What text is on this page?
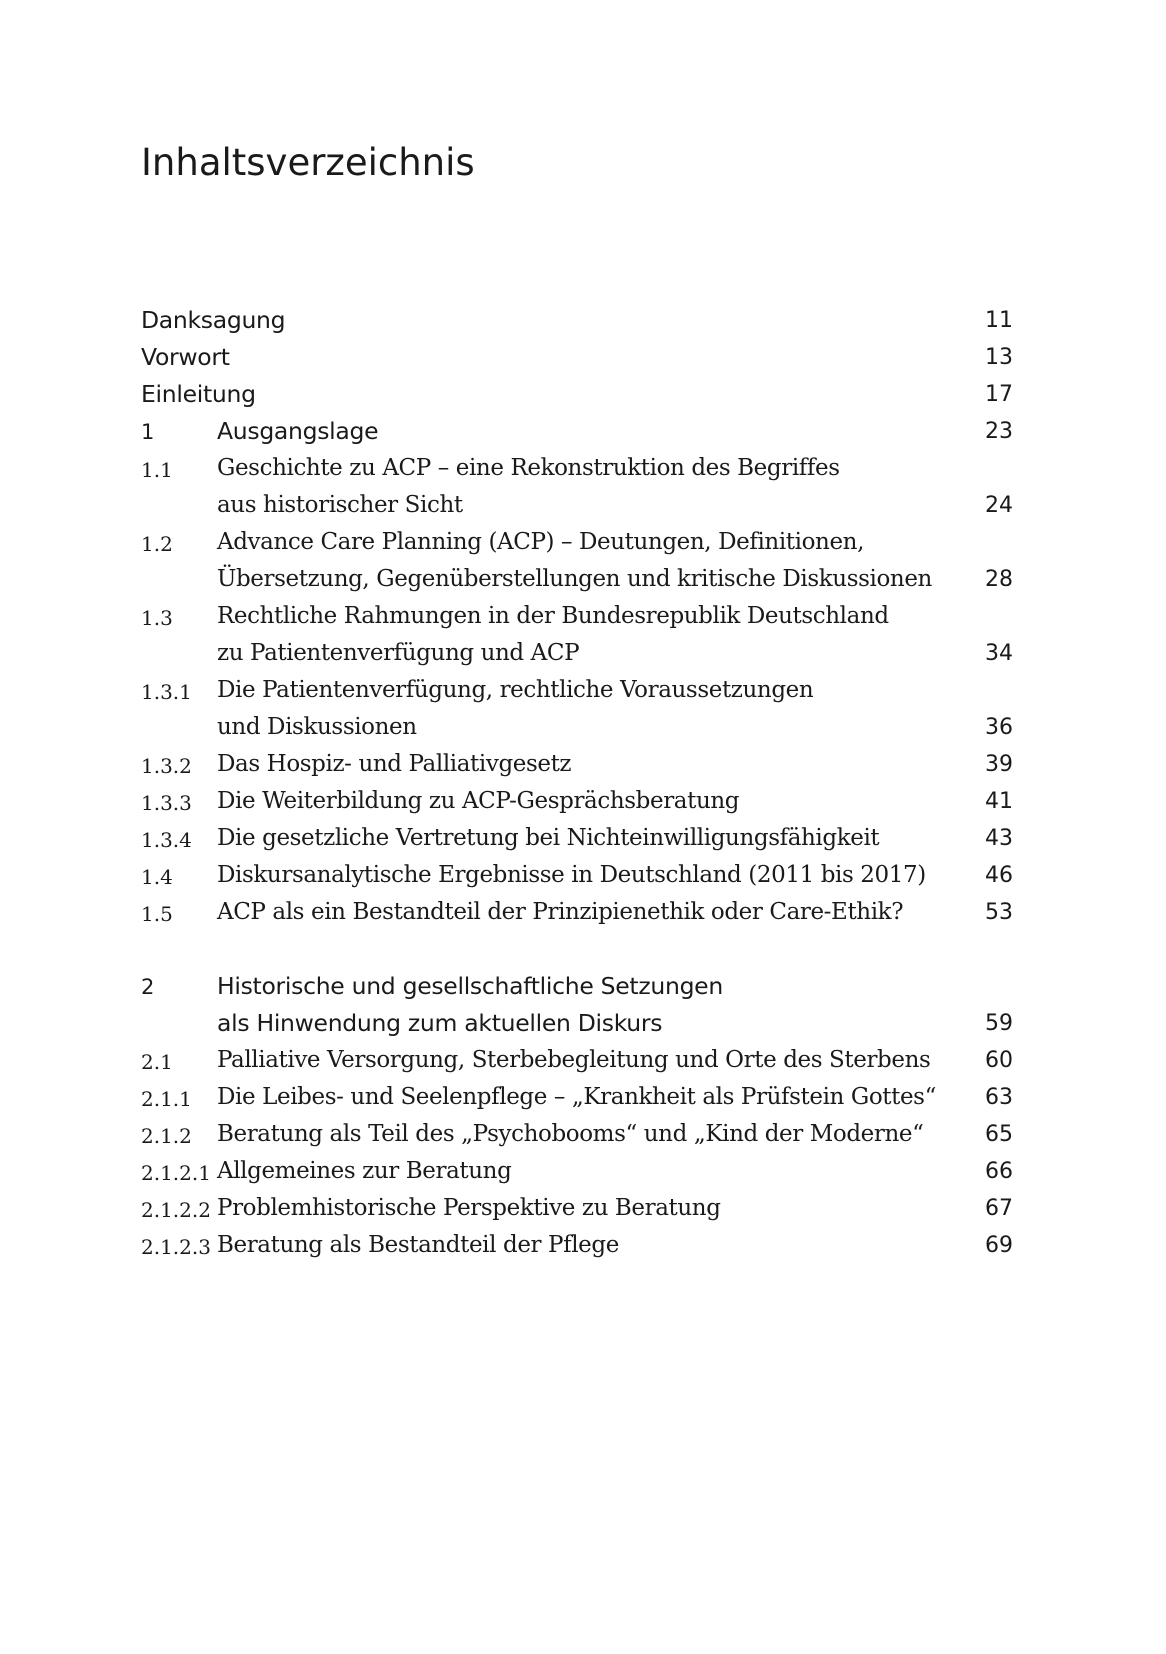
Inhaltsverzeichnis
Danksagung	11
Vorwort	13
Einleitung	17
1	Ausgangslage	23
1.1 Geschichte zu ACP – eine Rekonstruktion des Begriffes
aus historischer Sicht	24
1.2 Advance Care Planning (ACP) – Deutungen, Definitionen,
Übersetzung, Gegenüberstellungen und kritische Diskussionen 28
1.3 Rechtliche Rahmungen in der Bundesrepublik Deutschland
zu Patientenverfügung und ACP	34
1.3.1 Die Patientenverfügung, rechtliche Voraussetzungen
und Diskussionen	36
1.3.2 Das Hospiz- und Palliativgesetz	39
1.3.3 Die Weiterbildung zu ACP-Gesprächsberatung	41
1.3.4 Die gesetzliche Vertretung bei Nichteinwilligungsfähigkeit	43
1.4 Diskursanalytische Ergebnisse in Deutschland (2011 bis 2017)	46
1.5 ACP als ein Bestandteil der Prinzipienethik oder Care-Ethik?	53
2	Historische und gesellschaftliche Setzungen
als Hinwendung zum aktuellen Diskurs	59
2.1 Palliative Versorgung, Sterbebegleitung und Orte des Sterbens 60
2.1.1 Die Leibes- und Seelenpflege – „Krankheit als Prüfstein Gottes“ 63
2.1.2 Beratung als Teil des „Psychobooms“ und „Kind der Moderne“	65
2.1.2.1 Allgemeines zur Beratung	66
2.1.2.2 Problemhistorische Perspektive zu Beratung	67
2.1.2.3 Beratung als Bestandteil der Pflege	69
